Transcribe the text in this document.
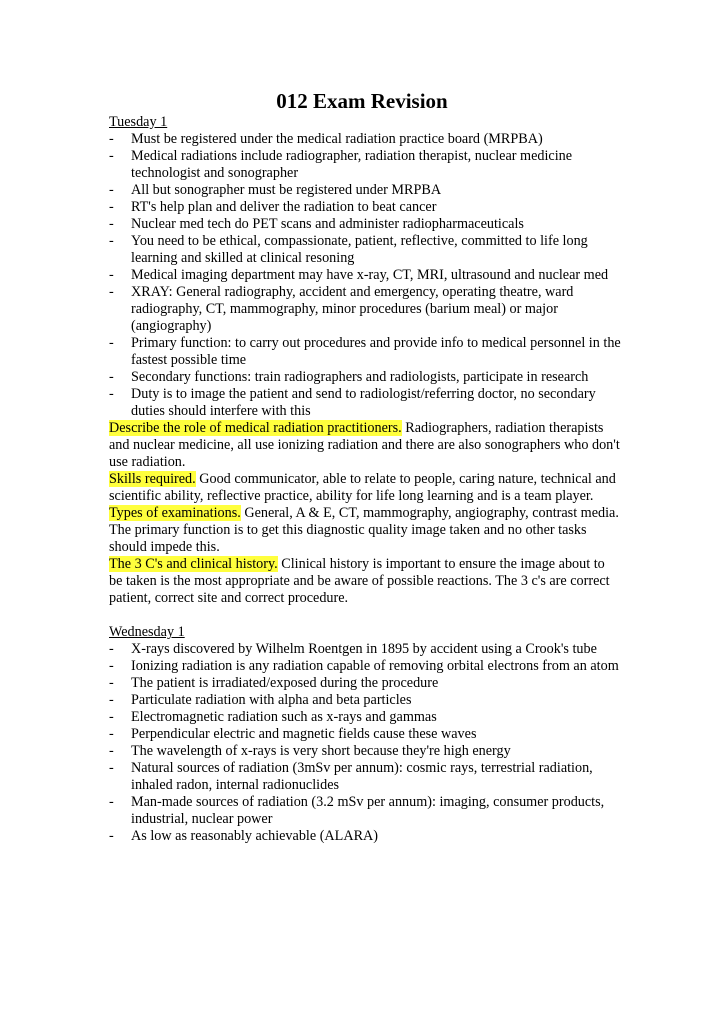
012 Exam Revision

Tuesday 1

- Must be registered under the medical radiation practice board (MRPBA)
- Medical radiations include radiographer, radiation therapist, nuclear medicine technologist and sonographer
- All but sonographer must be registered under MRPBA
- RT's help plan and deliver the radiation to beat cancer
- Nuclear med tech do PET scans and administer radiopharmaceuticals
- You need to be ethical, compassionate, patient, reflective, committed to life long learning and skilled at clinical resoning
- Medical imaging department may have x-ray, CT, MRI, ultrasound and nuclear med
- XRAY: General radiography, accident and emergency, operating theatre, ward radiography, CT, mammography, minor procedures (barium meal) or major (angiography)
- Primary function: to carry out procedures and provide info to medical personnel in the fastest possible time
- Secondary functions: train radiographers and radiologists, participate in research
- Duty is to image the patient and send to radiologist/referring doctor, no secondary duties should interfere with this

Describe the role of medical radiation practitioners. Radiographers, radiation therapists and nuclear medicine, all use ionizing radiation and there are also sonographers who don't use radiation.

Skills required. Good communicator, able to relate to people, caring nature, technical and scientific ability, reflective practice, ability for life long learning and is a team player.

Types of examinations. General, A & E, CT, mammography, angiography, contrast media. The primary function is to get this diagnostic quality image taken and no other tasks should impede this.

The 3 C's and clinical history. Clinical history is important to ensure the image about to be taken is the most appropriate and be aware of possible reactions. The 3 c's are correct patient, correct site and correct procedure.

Wednesday 1

- X-rays discovered by Wilhelm Roentgen in 1895 by accident using a Crook's tube
- Ionizing radiation is any radiation capable of removing orbital electrons from an atom
- The patient is irradiated/exposed during the procedure
- Particulate radiation with alpha and beta particles
- Electromagnetic radiation such as x-rays and gammas
- Perpendicular electric and magnetic fields cause these waves
- The wavelength of x-rays is very short because they're high energy
- Natural sources of radiation (3mSv per annum): cosmic rays, terrestrial radiation, inhaled radon, internal radionuclides
- Man-made sources of radiation (3.2 mSv per annum): imaging, consumer products, industrial, nuclear power
- As low as reasonably achievable (ALARA)
